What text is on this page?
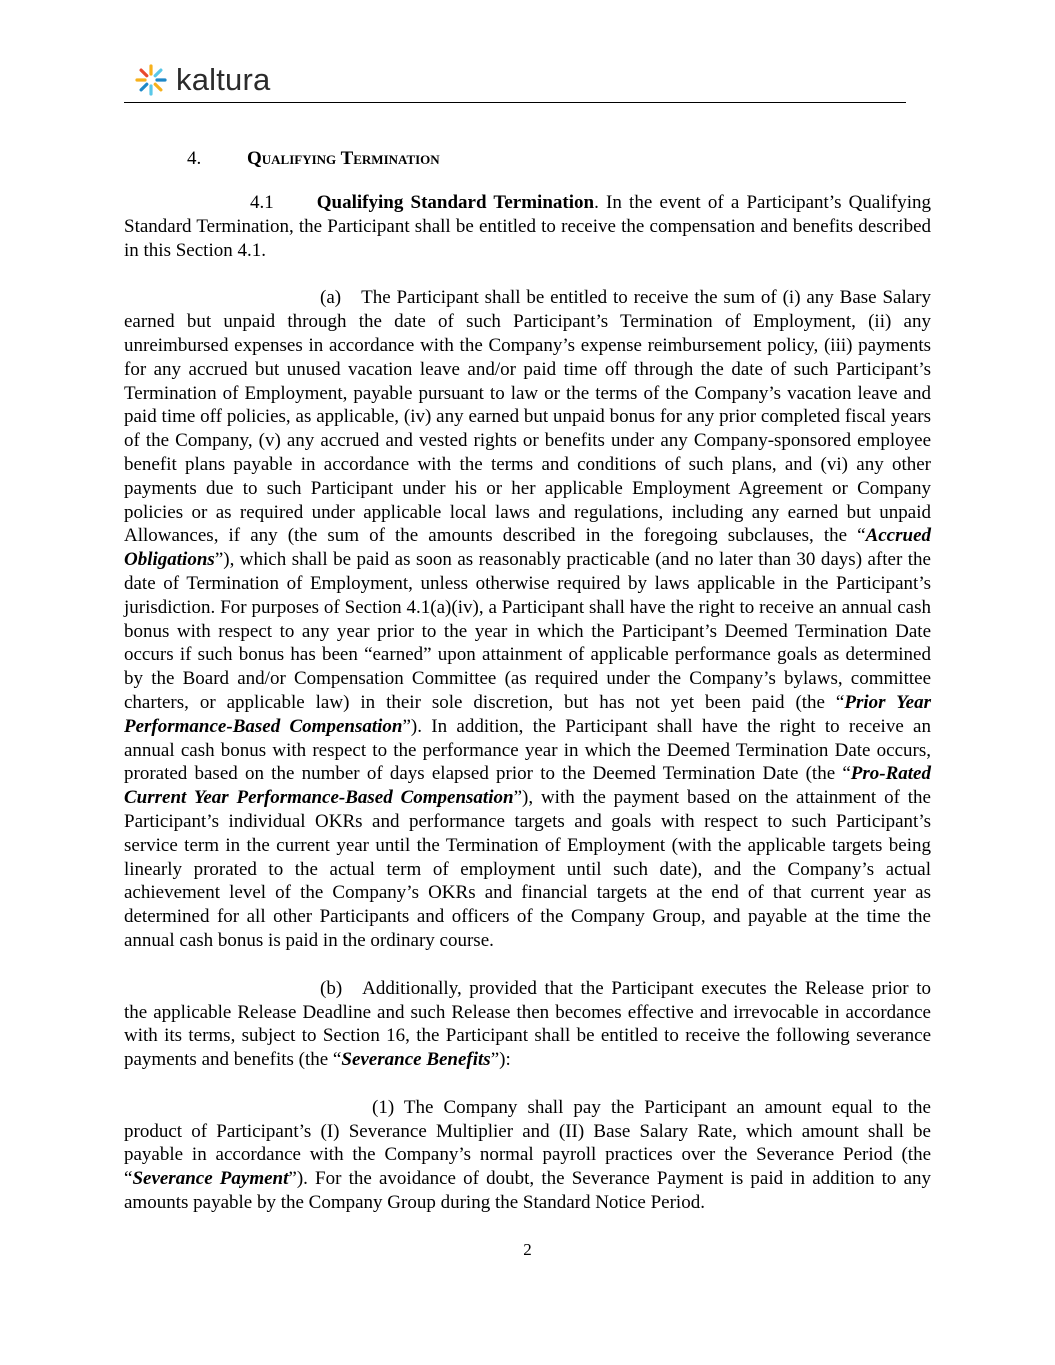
kaltura
4. Qualifying Termination

4.1 Qualifying Standard Termination. In the event of a Participant’s Qualifying Standard Termination, the Participant shall be entitled to receive the compensation and benefits described in this Section 4.1.

(a) The Participant shall be entitled to receive the sum of (i) any Base Salary earned but unpaid through the date of such Participant’s Termination of Employment, (ii) any unreimbursed expenses in accordance with the Company’s expense reimbursement policy, (iii) payments for any accrued but unused vacation leave and/or paid time off through the date of such Participant’s Termination of Employment, payable pursuant to law or the terms of the Company’s vacation leave and paid time off policies, as applicable, (iv) any earned but unpaid bonus for any prior completed fiscal years of the Company, (v) any accrued and vested rights or benefits under any Company-sponsored employee benefit plans payable in accordance with the terms and conditions of such plans, and (vi) any other payments due to such Participant under his or her applicable Employment Agreement or Company policies or as required under applicable local laws and regulations, including any earned but unpaid Allowances, if any (the sum of the amounts described in the foregoing subclauses, the “Accrued Obligations”), which shall be paid as soon as reasonably practicable (and no later than 30 days) after the date of Termination of Employment, unless otherwise required by laws applicable in the Participant’s jurisdiction. For purposes of Section 4.1(a)(iv), a Participant shall have the right to receive an annual cash bonus with respect to any year prior to the year in which the Participant’s Deemed Termination Date occurs if such bonus has been “earned” upon attainment of applicable performance goals as determined by the Board and/or Compensation Committee (as required under the Company’s bylaws, committee charters, or applicable law) in their sole discretion, but has not yet been paid (the “Prior Year Performance-Based Compensation”). In addition, the Participant shall have the right to receive an annual cash bonus with respect to the performance year in which the Deemed Termination Date occurs, prorated based on the number of days elapsed prior to the Deemed Termination Date (the “Pro-Rated Current Year Performance-Based Compensation”), with the payment based on the attainment of the Participant’s individual OKRs and performance targets and goals with respect to such Participant’s service term in the current year until the Termination of Employment (with the applicable targets being linearly prorated to the actual term of employment until such date), and the Company’s actual achievement level of the Company’s OKRs and financial targets at the end of that current year as determined for all other Participants and officers of the Company Group, and payable at the time the annual cash bonus is paid in the ordinary course.

(b) Additionally, provided that the Participant executes the Release prior to the applicable Release Deadline and such Release then becomes effective and irrevocable in accordance with its terms, subject to Section 16, the Participant shall be entitled to receive the following severance payments and benefits (the “Severance Benefits”):

(1) The Company shall pay the Participant an amount equal to the product of Participant’s (I) Severance Multiplier and (II) Base Salary Rate, which amount shall be payable in accordance with the Company’s normal payroll practices over the Severance Period (the “Severance Payment”). For the avoidance of doubt, the Severance Payment is paid in addition to any amounts payable by the Company Group during the Standard Notice Period.

2
